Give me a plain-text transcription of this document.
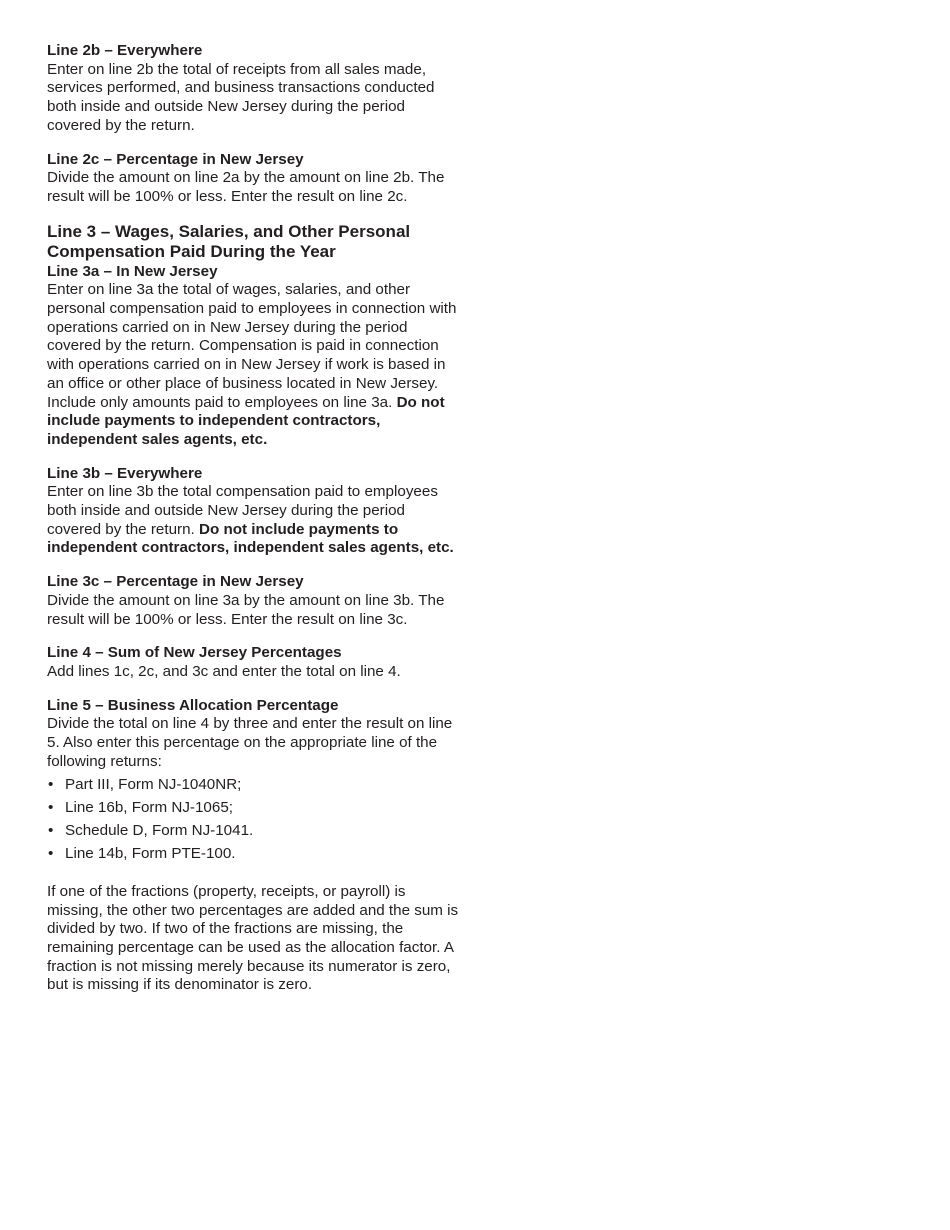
Line 2b – Everywhere

Enter on line 2b the total of receipts from all sales made, services performed, and business transactions conducted both inside and outside New Jersey during the period covered by the return.

Line 2c – Percentage in New Jersey

Divide the amount on line 2a by the amount on line 2b. The result will be 100% or less. Enter the result on line 2c.

Line 3 – Wages, Salaries, and Other Personal Compensation Paid During the Year

Line 3a – In New Jersey

Enter on line 3a the total of wages, salaries, and other personal compensation paid to employees in connection with operations carried on in New Jersey during the period covered by the return. Compensation is paid in connection with operations carried on in New Jersey if work is based in an office or other place of business located in New Jersey. Include only amounts paid to employees on line 3a. Do not include payments to independent contractors, independent sales agents, etc.

Line 3b – Everywhere

Enter on line 3b the total compensation paid to employees both inside and outside New Jersey during the period covered by the return. Do not include payments to independent contractors, independent sales agents, etc.

Line 3c – Percentage in New Jersey

Divide the amount on line 3a by the amount on line 3b. The result will be 100% or less. Enter the result on line 3c.

Line 4 – Sum of New Jersey Percentages

Add lines 1c, 2c, and 3c and enter the total on line 4.

Line 5 – Business Allocation Percentage

Divide the total on line 4 by three and enter the result on line 5. Also enter this percentage on the appropriate line of the following returns:

• Part III, Form NJ-1040NR;
• Line 16b, Form NJ-1065;
• Schedule D, Form NJ-1041.
• Line 14b, Form PTE-100.

If one of the fractions (property, receipts, or payroll) is missing, the other two percentages are added and the sum is divided by two. If two of the fractions are missing, the remaining percentage can be used as the allocation factor. A fraction is not missing merely because its numerator is zero, but is missing if its denominator is zero.
